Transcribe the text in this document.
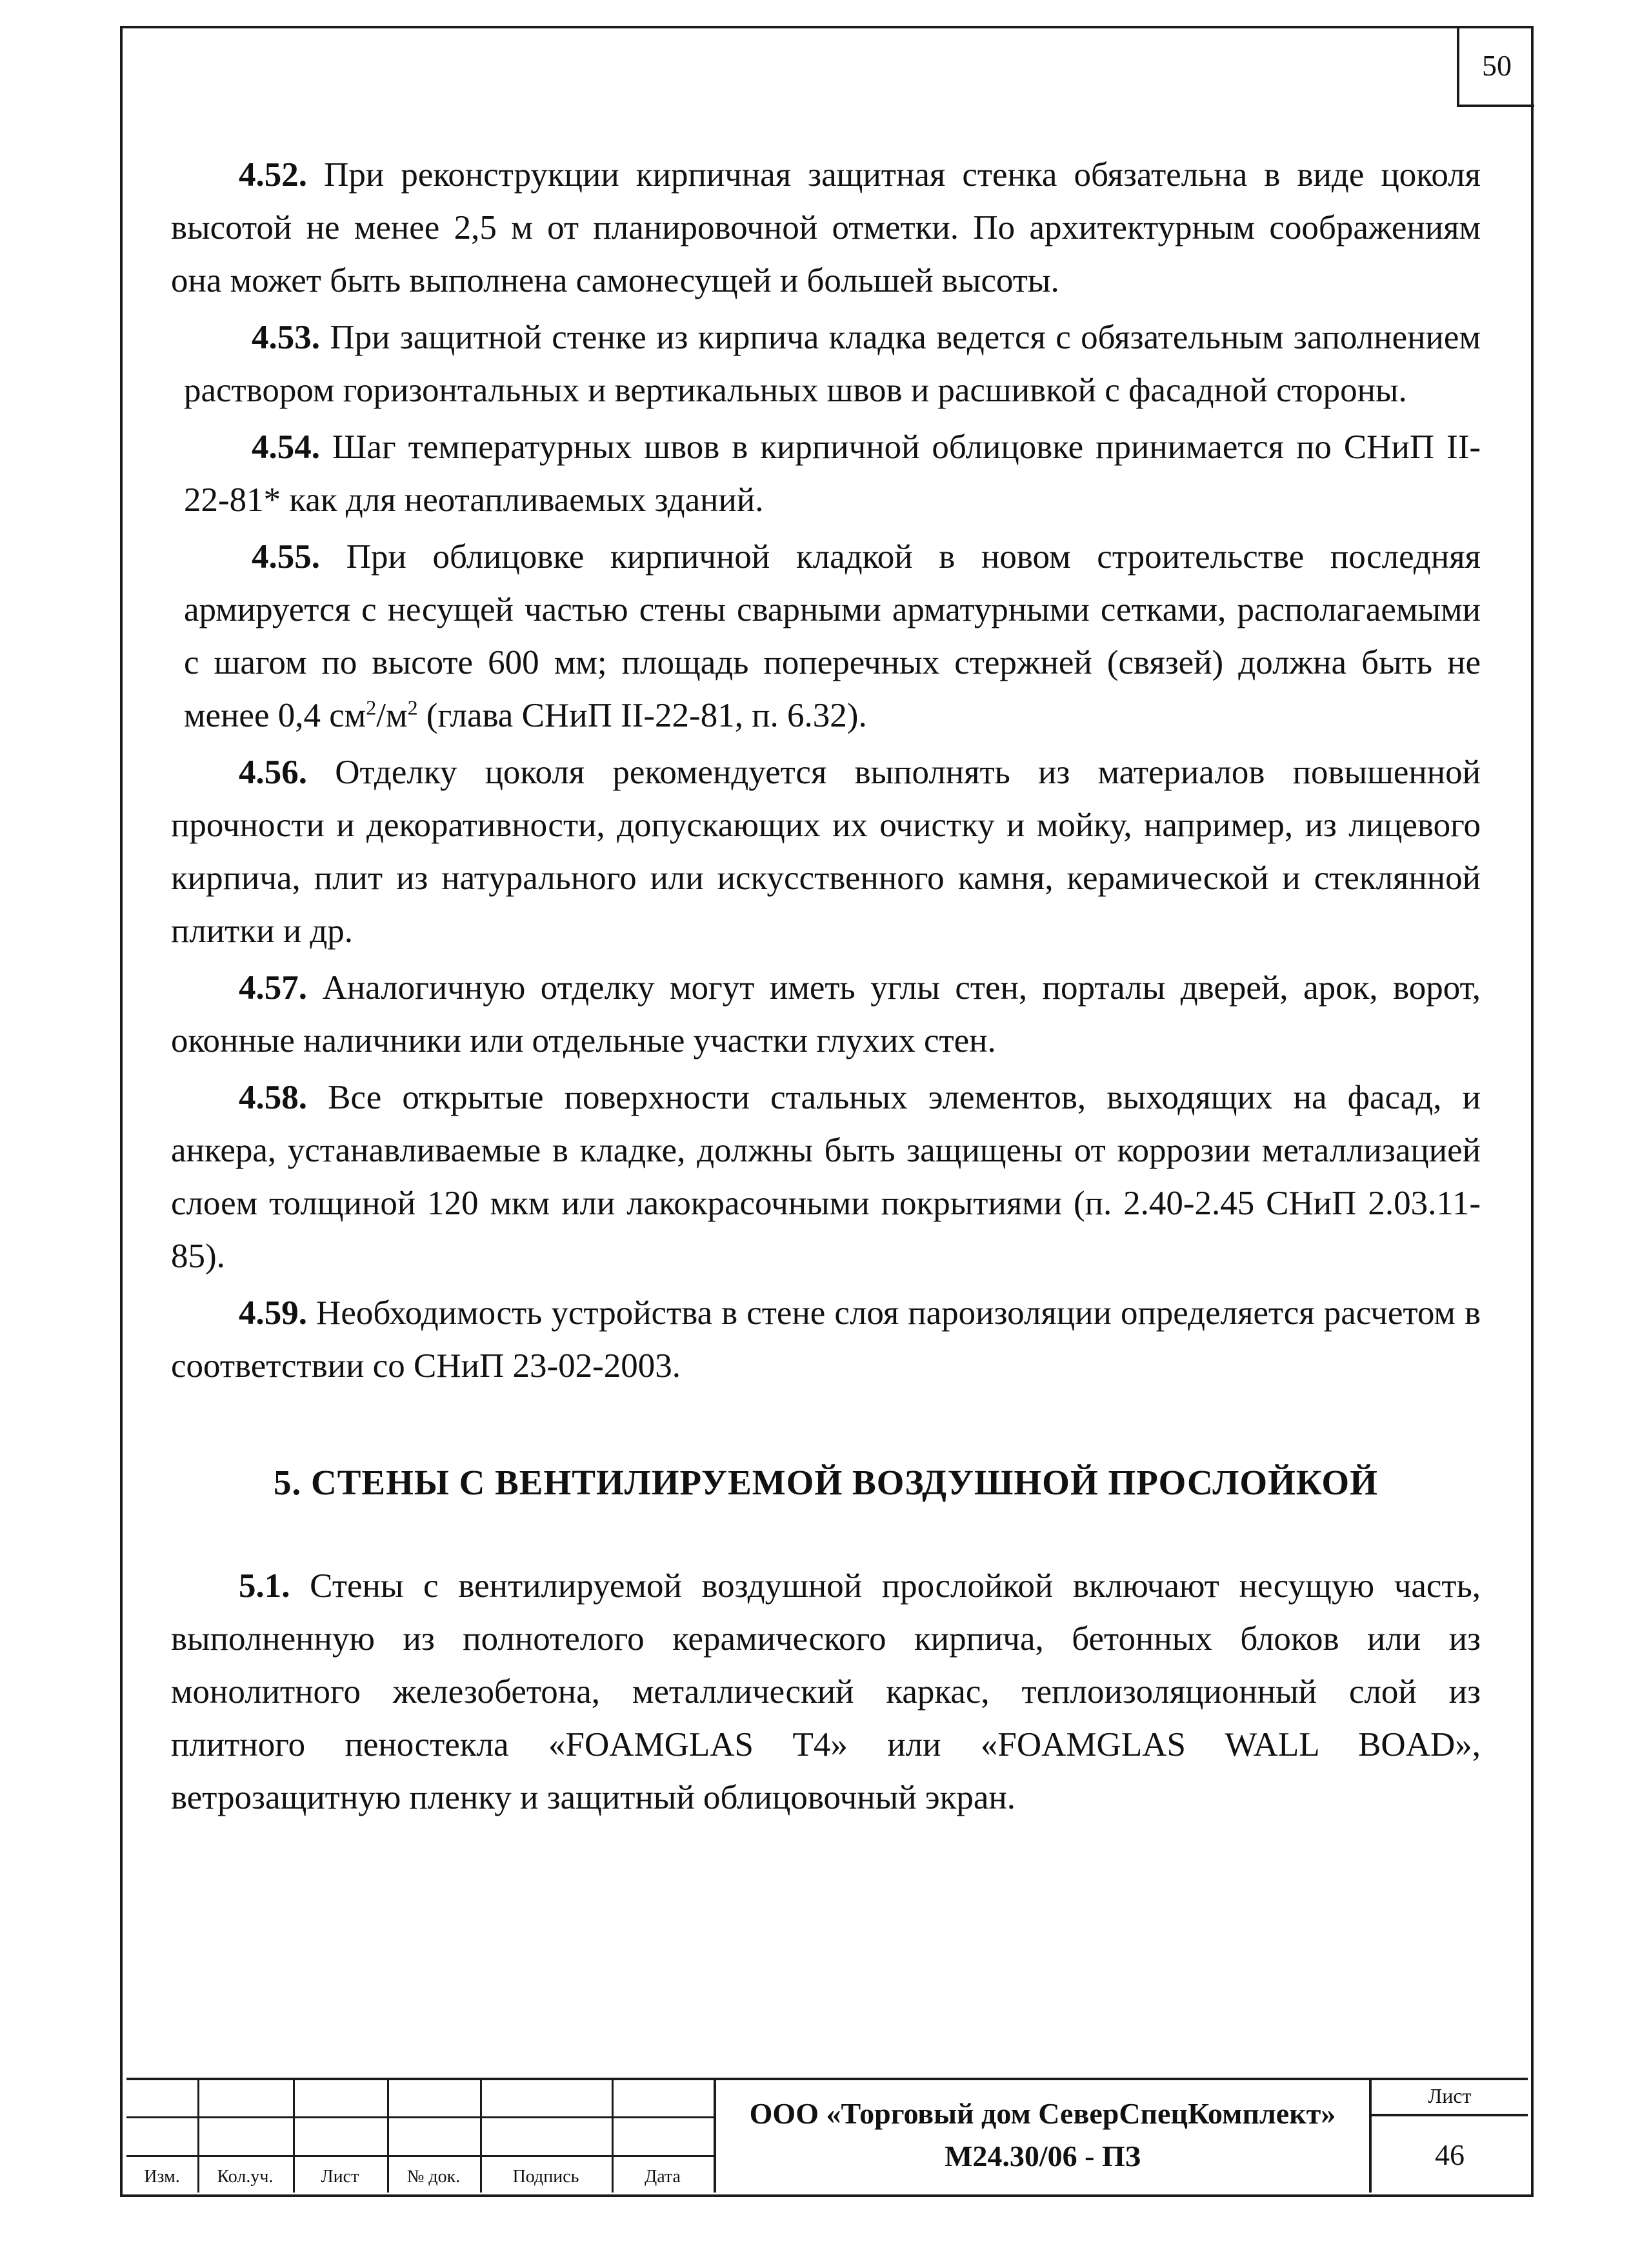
50

4.52. При реконструкции кирпичная защитная стенка обязательна в виде цоколя высотой не менее 2,5 м от планировочной отметки. По архитектурным соображениям она может быть выполнена самонесущей и большей высоты.

4.53. При защитной стенке из кирпича кладка ведется с обязательным заполнением раствором горизонтальных и вертикальных швов и расшивкой с фасадной стороны.

4.54. Шаг температурных швов в кирпичной облицовке принимается по СНиП II-22-81* как для неотапливаемых зданий.

4.55. При облицовке кирпичной кладкой в новом строительстве последняя армируется с несущей частью стены сварными арматурными сетками, располагаемыми с шагом по высоте 600 мм; площадь поперечных стержней (связей) должна быть не менее 0,4 $см^2/м^2$ (глава СНиП II-22-81, п. 6.32).

4.56. Отделку цоколя рекомендуется выполнять из материалов повышенной прочности и декоративности, допускающих их очистку и мойку, например, из лицевого кирпича, плит из натурального или искусственного камня, керамической и стеклянной плитки и др.

4.57. Аналогичную отделку могут иметь углы стен, порталы дверей, арок, ворот, оконные наличники или отдельные участки глухих стен.

4.58. Все открытые поверхности стальных элементов, выходящих на фасад, и анкера, устанавливаемые в кладке, должны быть защищены от коррозии металлизацией слоем толщиной 120 мкм или лакокрасочными покрытиями (п. 2.40-2.45 СНиП 2.03.11-85).

4.59. Необходимость устройства в стене слоя пароизоляции определяется расчетом в соответствии со СНиП 23-02-2003.

5. СТЕНЫ С ВЕНТИЛИРУЕМОЙ ВОЗДУШНОЙ ПРОСЛОЙКОЙ

5.1. Стены с вентилируемой воздушной прослойкой включают несущую часть, выполненную из полнотелого керамического кирпича, бетонных блоков или из монолитного железобетона, металлический каркас, теплоизоляционный слой из плитного пеностекла «FOAMGLAS T4» или «FOAMGLAS WALL BOAD», ветрозащитную пленку и защитный облицовочный экран.

Изм.	Кол.уч.	Лист	№ док.	Подпись	Дата
ООО «Торговый дом СеверСпецКомплект»
М24.30/06 - ПЗ
Лист
46
